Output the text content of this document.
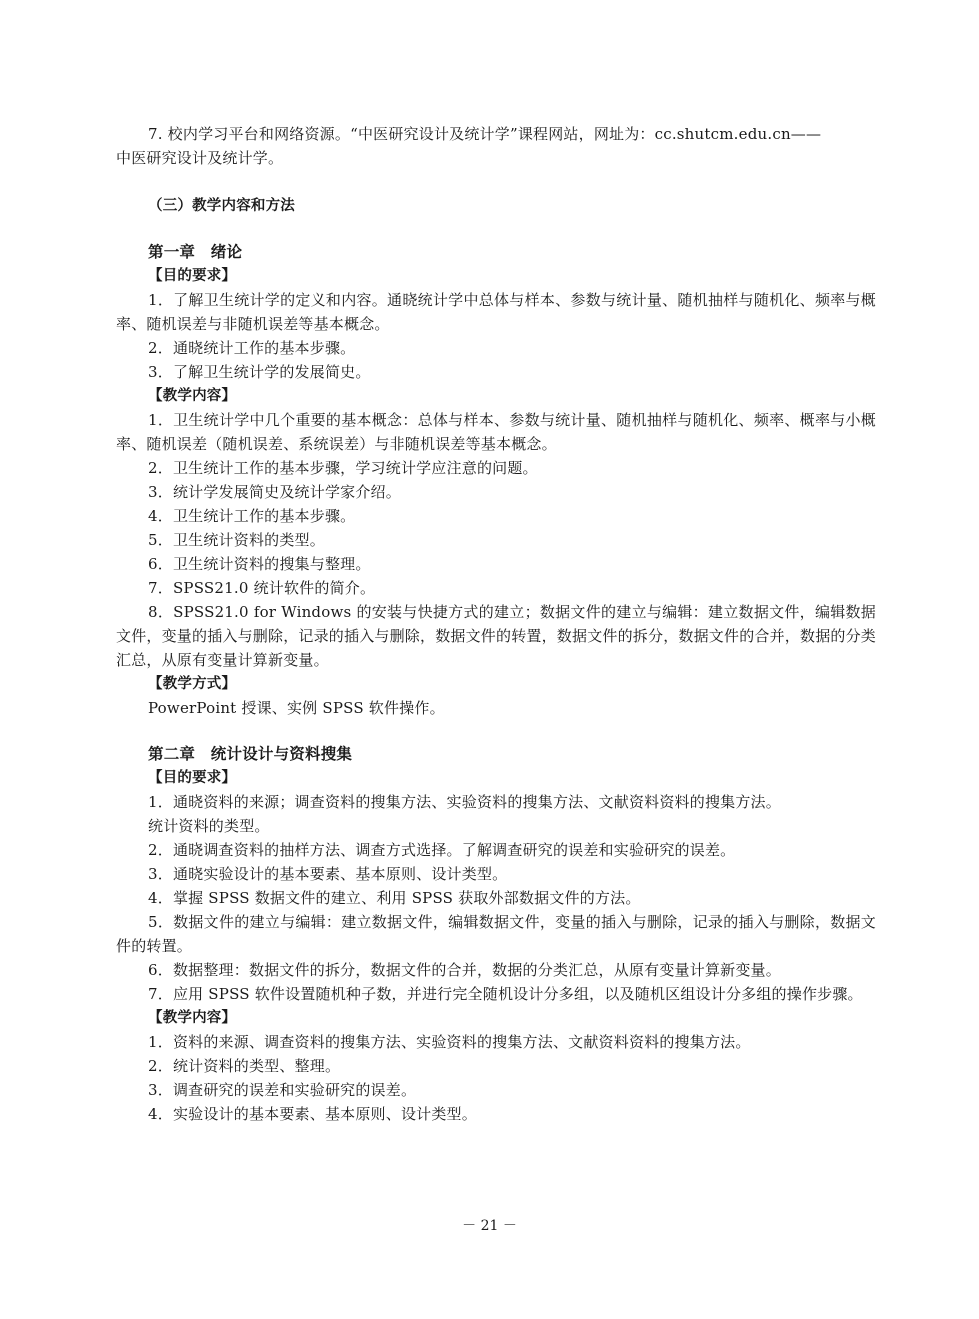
7. 校内学习平台和网络资源。“中医研究设计及统计学”课程网站，网址为：cc.shutcm.edu.cn——

中医研究设计及统计学。

（三）教学内容和方法

第一章　绪论

【目的要求】

1．了解卫生统计学的定义和内容。通晓统计学中总体与样本、参数与统计量、随机抽样与随机化、频率与概率、随机误差与非随机误差等基本概念。

2．通晓统计工作的基本步骤。

3．了解卫生统计学的发展简史。

【教学内容】

1．卫生统计学中几个重要的基本概念：总体与样本、参数与统计量、随机抽样与随机化、频率、概率与小概率、随机误差（随机误差、系统误差）与非随机误差等基本概念。

2．卫生统计工作的基本步骤，学习统计学应注意的问题。

3．统计学发展简史及统计学家介绍。

4．卫生统计工作的基本步骤。

5．卫生统计资料的类型。

6．卫生统计资料的搜集与整理。

7．SPSS21.0 统计软件的简介。

8．SPSS21.0 for Windows 的安装与快捷方式的建立；数据文件的建立与编辑：建立数据文件，编辑数据文件，变量的插入与删除，记录的插入与删除，数据文件的转置，数据文件的拆分，数据文件的合并，数据的分类汇总，从原有变量计算新变量。

【教学方式】

PowerPoint 授课、实例 SPSS 软件操作。

第二章　统计设计与资料搜集

【目的要求】

1．通晓资料的来源；调查资料的搜集方法、实验资料的搜集方法、文献资料资料的搜集方法。

统计资料的类型。

2．通晓调查资料的抽样方法、调查方式选择。了解调查研究的误差和实验研究的误差。

3．通晓实验设计的基本要素、基本原则、设计类型。

4．掌握 SPSS 数据文件的建立、利用 SPSS 获取外部数据文件的方法。

5．数据文件的建立与编辑：建立数据文件，编辑数据文件，变量的插入与删除，记录的插入与删除，数据文件的转置。

6．数据整理：数据文件的拆分，数据文件的合并，数据的分类汇总，从原有变量计算新变量。

7．应用 SPSS 软件设置随机种子数，并进行完全随机设计分多组，以及随机区组设计分多组的操作步骤。

【教学内容】

1．资料的来源、调查资料的搜集方法、实验资料的搜集方法、文献资料资料的搜集方法。

2．统计资料的类型、整理。

3．调查研究的误差和实验研究的误差。

4．实验设计的基本要素、基本原则、设计类型。

－ 21 －
